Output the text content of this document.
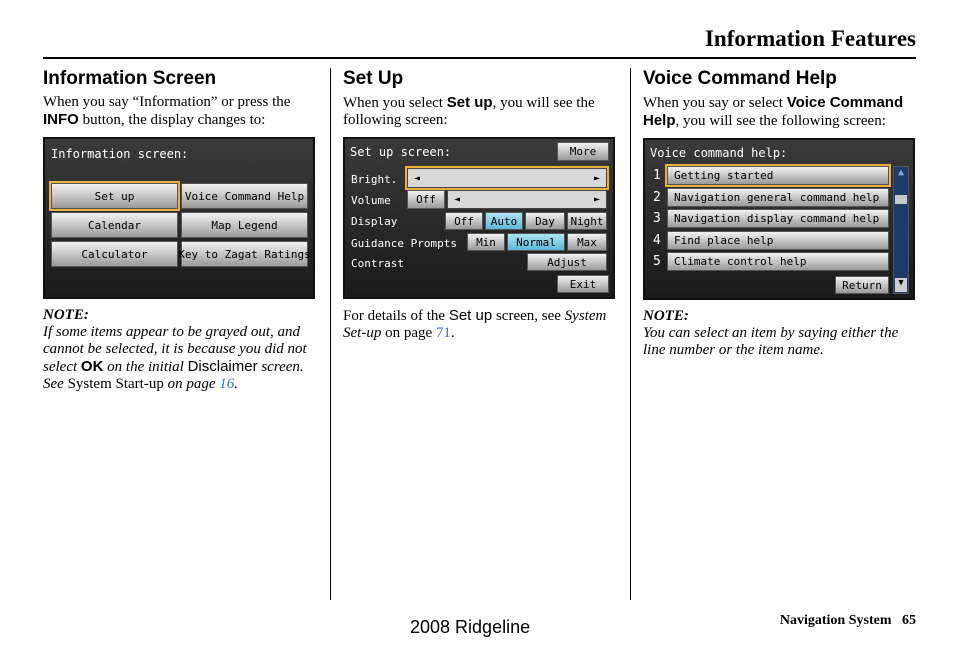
Information Features
Information Screen

When you say “Information” or press the INFO button, the display changes to:

Information screen:
Set up	Voice Command Help
Calendar	Map Legend
Calculator	Key to Zagat Ratings

NOTE:
If some items appear to be grayed out, and cannot be selected, it is because you did not select OK on the initial Disclaimer screen. See System Start-up on page 16.

Set Up

When you select Set up, you will see the following screen:

Set up screen:	More
Bright. ◄	►
Volume	Off	◄	►
Display	Off	Auto	Day	Night
Guidance Prompts	Min	Normal	Max
Contrast	Adjust
Exit

For details of the Set up screen, see System Set-up on page 71.

Voice Command Help

When you say or select Voice Command Help, you will see the following screen:

Voice command help:
1	Getting started
2	Navigation general command help
3	Navigation display command help
4	Find place help
5	Climate control help
Return
▲
▼

NOTE:
You can select an item by saying either the line number or the item name.

Navigation System 65
2008 Ridgeline
